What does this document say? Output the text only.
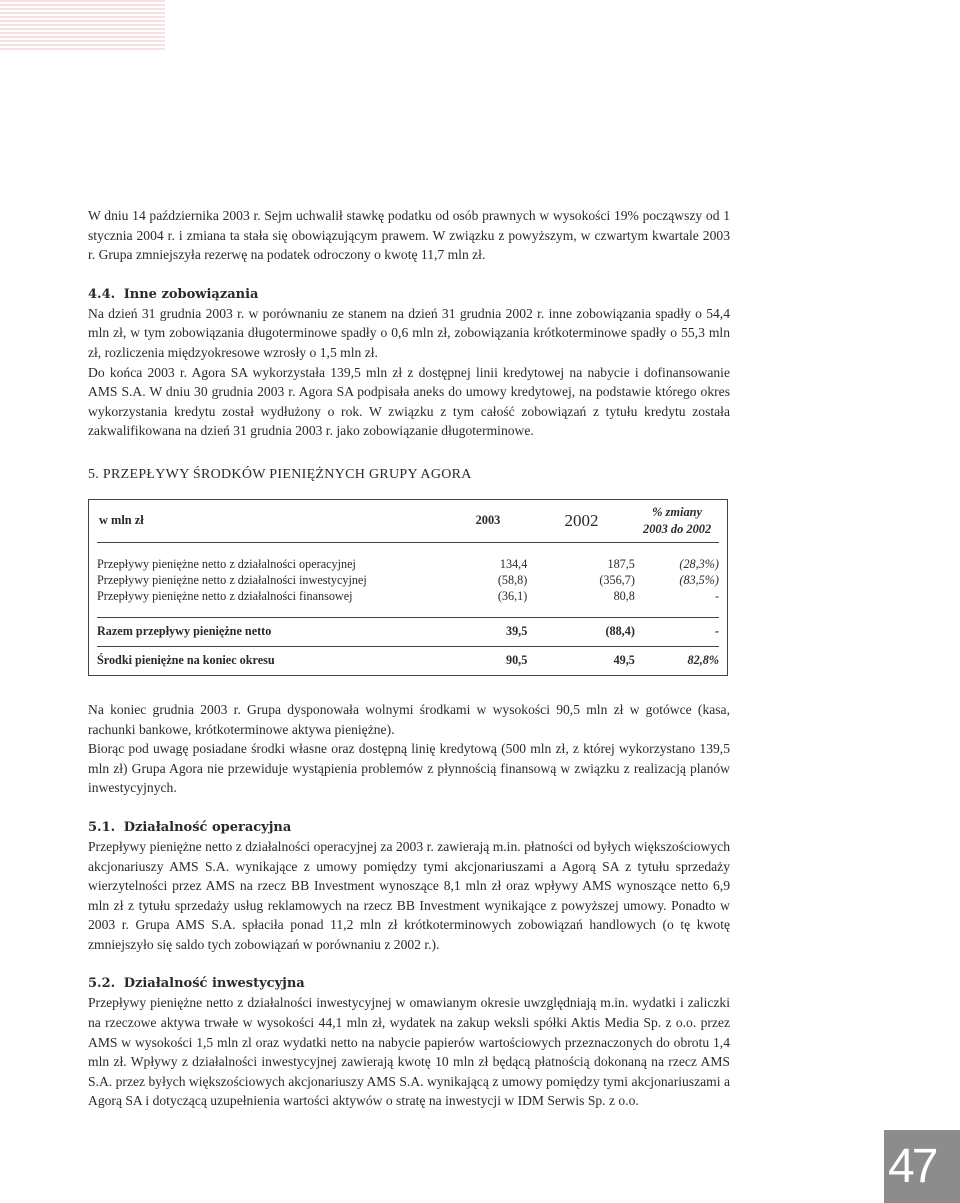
W dniu 14 października 2003 r. Sejm uchwalił stawkę podatku od osób prawnych w wysokości 19% począwszy od 1 stycznia 2004 r. i zmiana ta stała się obowiązującym prawem. W związku z powyższym, w czwartym kwartale 2003 r. Grupa zmniejszyła rezerwę na podatek odroczony o kwotę 11,7 mln zł.

4.4. Inne zobowiązania

Na dzień 31 grudnia 2003 r. w porównaniu ze stanem na dzień 31 grudnia 2002 r. inne zobowiązania spadły o 54,4 mln zł, w tym zobowiązania długoterminowe spadły o 0,6 mln zł, zobowiązania krótkoterminowe spadły o 55,3 mln zł, rozliczenia międzyokresowe wzrosły o 1,5 mln zł.

Do końca 2003 r. Agora SA wykorzystała 139,5 mln zł z dostępnej linii kredytowej na nabycie i dofinansowanie AMS S.A. W dniu 30 grudnia 2003 r. Agora SA podpisała aneks do umowy kredytowej, na podstawie którego okres wykorzystania kredytu został wydłużony o rok. W związku z tym całość zobowiązań z tytułu kredytu została zakwalifikowana na dzień 31 grudnia 2003 r. jako zobowiązanie długoterminowe.

5. PRZEPŁYWY ŚRODKÓW PIENIĘŻNYCH GRUPY AGORA
w mln zł	2003	2002	% zmiany
2003 do 2002
Przepływy pieniężne netto z działalności operacyjnej	134,4	187,5	(28,3%)
Przepływy pieniężne netto z działalności inwestycyjnej	(58,8)	(356,7)	(83,5%)
Przepływy pieniężne netto z działalności finansowej	(36,1)	80,8	-
Razem przepływy pieniężne netto	39,5	(88,4)	-
Środki pieniężne na koniec okresu	90,5	49,5	82,8%

Na koniec grudnia 2003 r. Grupa dysponowała wolnymi środkami w wysokości 90,5 mln zł w gotówce (kasa, rachunki bankowe, krótkoterminowe aktywa pieniężne).

Biorąc pod uwagę posiadane środki własne oraz dostępną linię kredytową (500 mln zł, z której wykorzystano 139,5 mln zł) Grupa Agora nie przewiduje wystąpienia problemów z płynnością finansową w związku z realizacją planów inwestycyjnych.

5.1. Działalność operacyjna

Przepływy pieniężne netto z działalności operacyjnej za 2003 r. zawierają m.in. płatności od byłych większościowych akcjonariuszy AMS S.A. wynikające z umowy pomiędzy tymi akcjonariuszami a Agorą SA z tytułu sprzedaży wierzytelności przez AMS na rzecz BB Investment wynoszące 8,1 mln zł oraz wpływy AMS wynoszące netto 6,9 mln zł z tytułu sprzedaży usług reklamowych na rzecz BB Investment wynikające z powyższej umowy. Ponadto w 2003 r. Grupa AMS S.A. spłaciła ponad 11,2 mln zł krótkoterminowych zobowiązań handlowych (o tę kwotę zmniejszyło się saldo tych zobowiązań w porównaniu z 2002 r.).

5.2. Działalność inwestycyjna

Przepływy pieniężne netto z działalności inwestycyjnej w omawianym okresie uwzględniają m.in. wydatki i zaliczki na rzeczowe aktywa trwałe w wysokości 44,1 mln zł, wydatek na zakup weksli spółki Aktis Media Sp. z o.o. przez AMS w wysokości 1,5 mln zl oraz wydatki netto na nabycie papierów wartościowych przeznaczonych do obrotu 1,4 mln zł. Wpływy z działalności inwestycyjnej zawierają kwotę 10 mln zł będącą płatnością dokonaną na rzecz AMS S.A. przez byłych większościowych akcjonariuszy AMS S.A. wynikającą z umowy pomiędzy tymi akcjonariuszami a Agorą SA i dotyczącą uzupełnienia wartości aktywów o stratę na inwestycji w IDM Serwis Sp. z o.o.

47
